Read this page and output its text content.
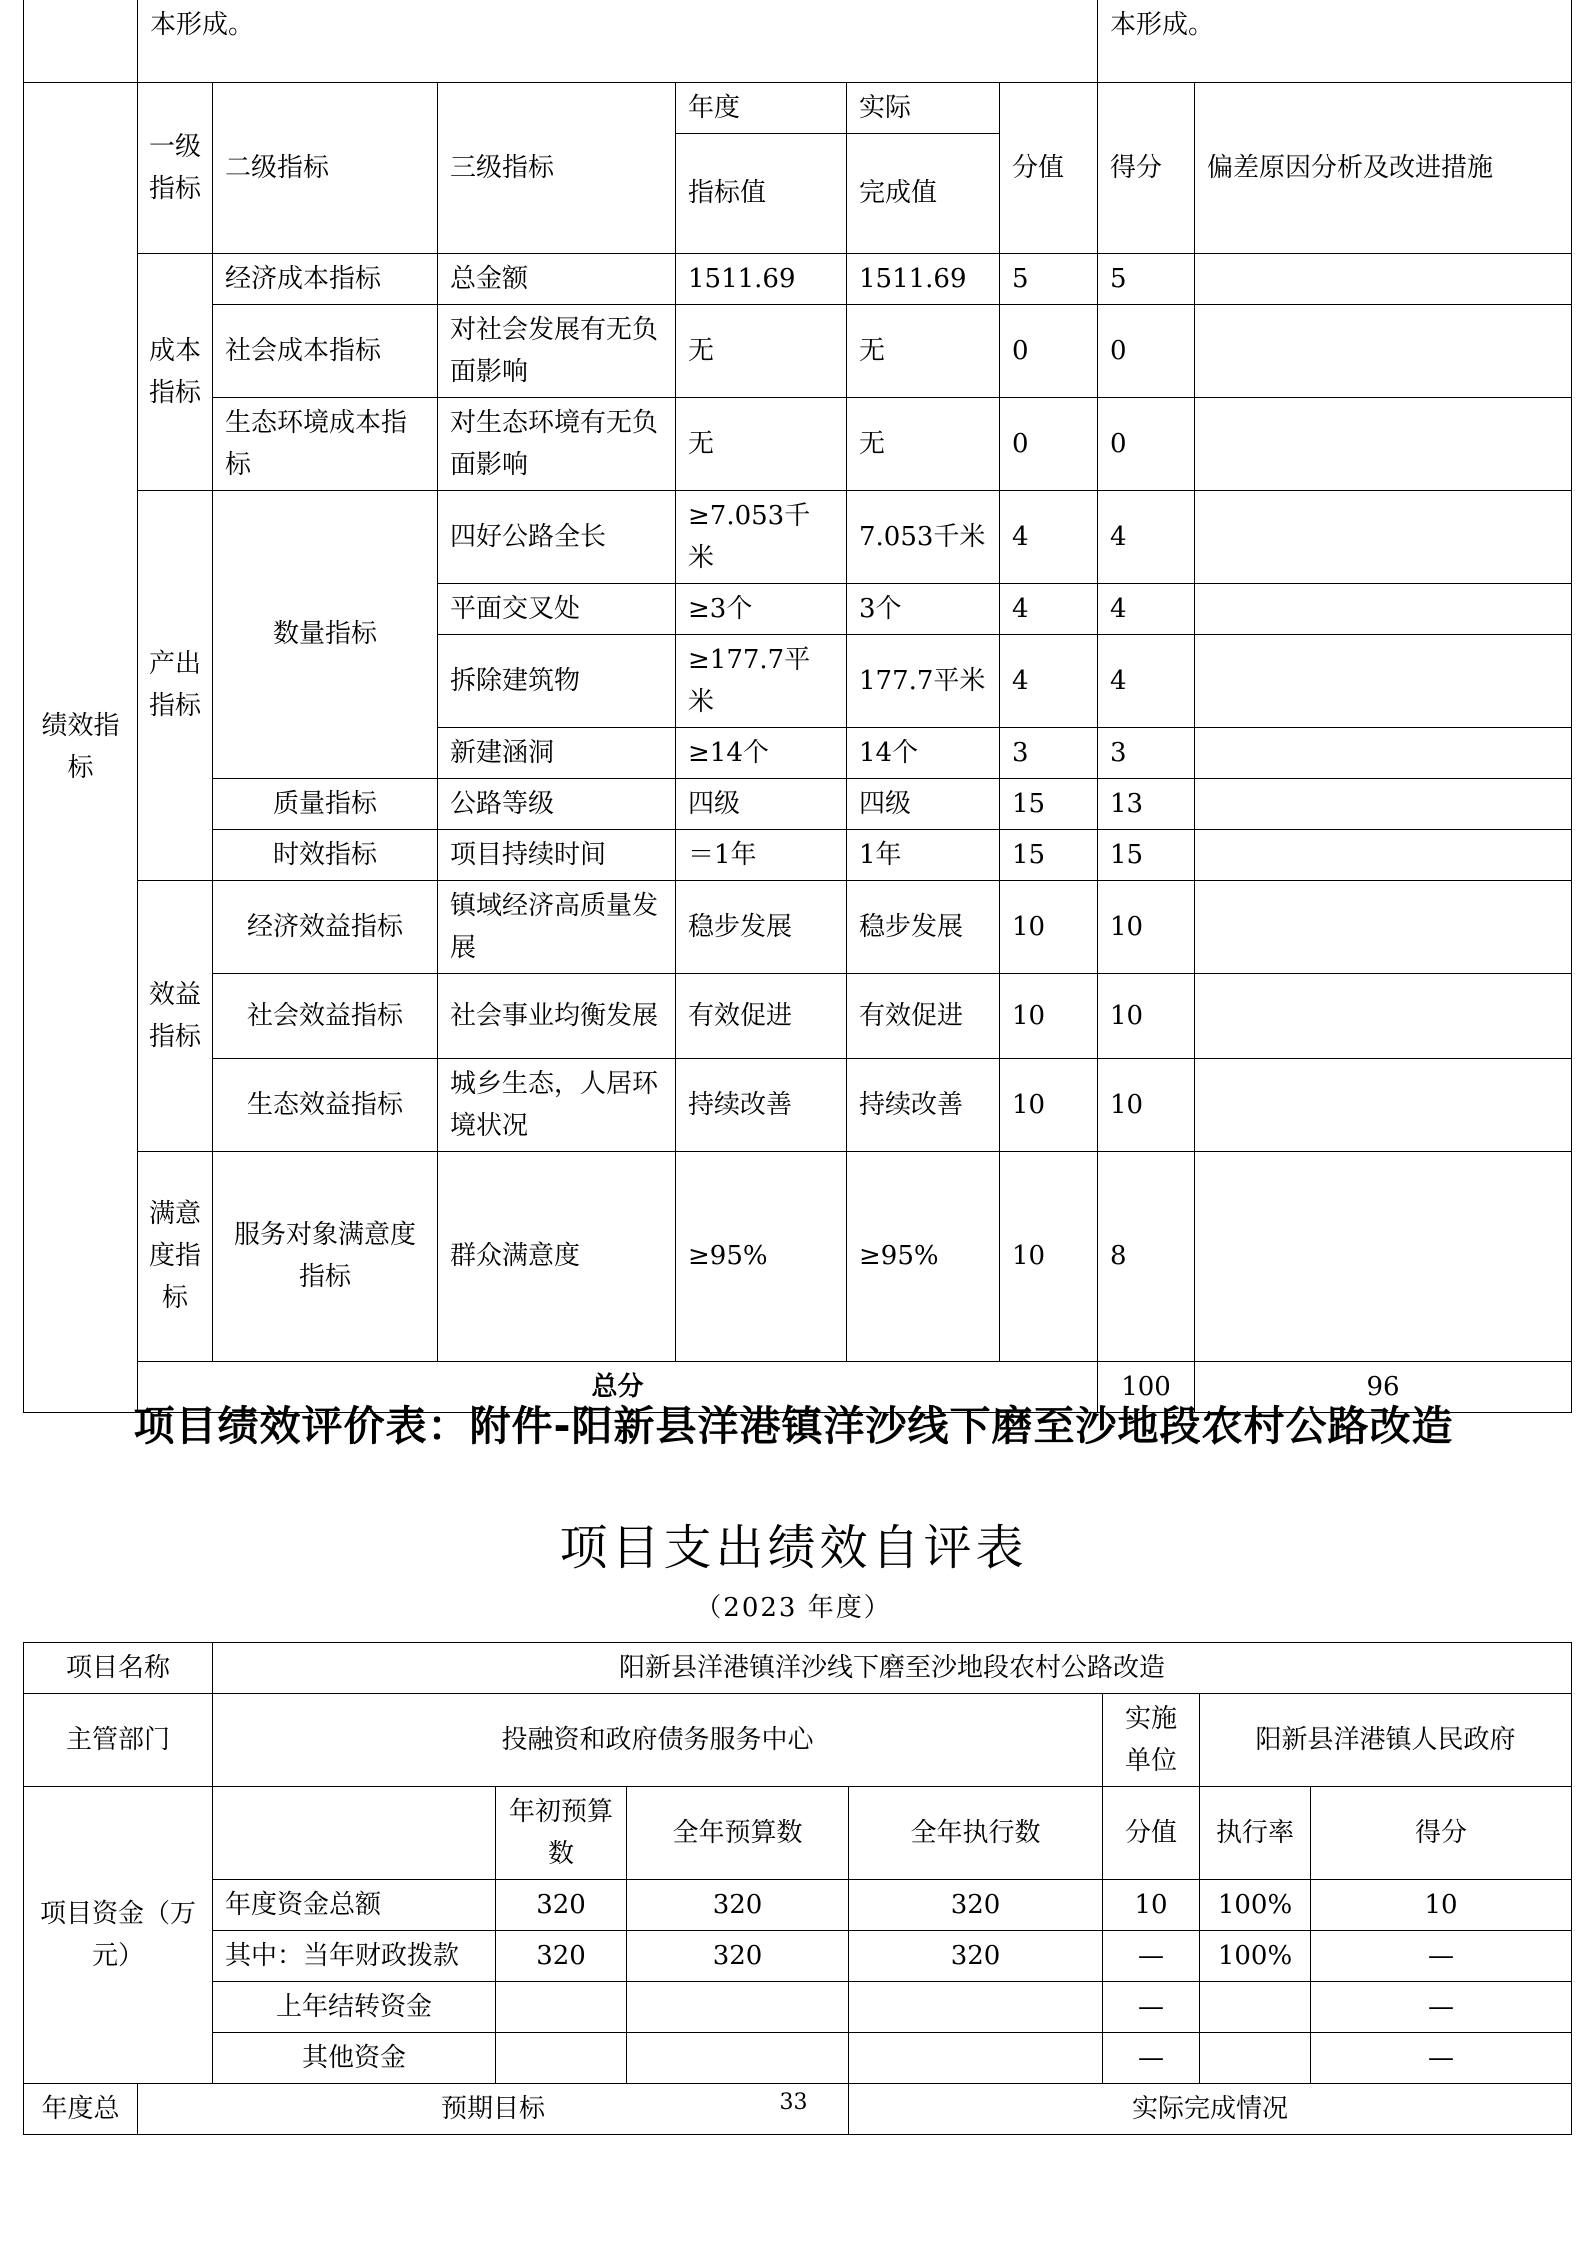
	本形成。						本形成。		
绩效指标	一级指标	二级指标	三级指标	年度	实际	分值	得分	偏差原因分析及改进措施	
				指标值	完成值				
	成本指标	经济成本指标	总金额	1511.69	1511.69	5	5		
		社会成本指标	对社会发展有无负面影响	无	无	0	0		
		生态环境成本指标	对生态环境有无负面影响	无	无	0	0		
	产出指标	数量指标	四好公路全长	≥7.053千米	7.053千米	4	4		
			平面交叉处	≥3个	3个	4	4		
			拆除建筑物	≥177.7平米	177.7平米	4	4		
			新建涵洞	≥14个	14个	3	3		
		质量指标	公路等级	四级	四级	15	13		
		时效指标	项目持续时间	＝1年	1年	15	15		
	效益指标	经济效益指标	镇域经济高质量发展	稳步发展	稳步发展	10	10		
		社会效益指标	社会事业均衡发展	有效促进	有效促进	10	10		
		生态效益指标	城乡生态，人居环境状况	持续改善	持续改善	10	10		
	满意度指标	服务对象满意度指标	群众满意度	≥95%	≥95%	10	8		
	总分						100	96	
项目绩效评价表：附件-阳新县洋港镇洋沙线下磨至沙地段农村公路改造
项目支出绩效自评表
（2023 年度）
项目名称		阳新县洋港镇洋沙线下磨至沙地段农村公路改造						
主管部门		投融资和政府债务服务中心				实施单位	阳新县洋港镇人民政府	
项目资金（万元）			年初预算数	全年预算数	全年执行数	分值	执行率	得分
		年度资金总额	320	320	320	10	100%	10
		其中：当年财政拨款	320	320	320	—	100%	—
		上年结转资金				—		—
		其他资金				—		—
年度总	预期目标				实际完成情况			
33
